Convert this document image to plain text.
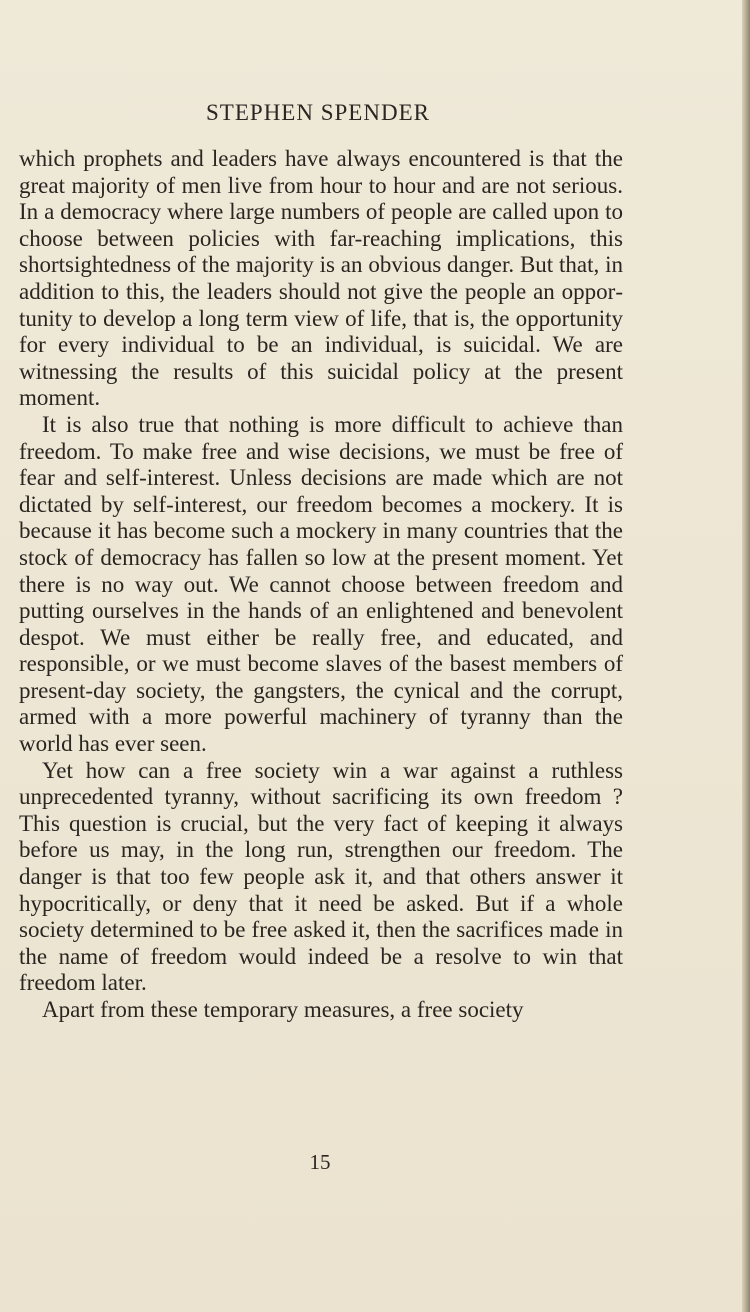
STEPHEN SPENDER

which prophets and leaders have always encountered is that the great majority of men live from hour to hour and are not serious. In a democracy where large numbers of people are called upon to choose between policies with far-reaching implications, this shortsightedness of the majority is an obvious danger. But that, in addition to this, the leaders should not give the people an opportunity to develop a long term view of life, that is, the opportunity for every individual to be an individual, is suicidal. We are witnessing the results of this suicidal policy at the present moment.

It is also true that nothing is more difficult to achieve than freedom. To make free and wise decisions, we must be free of fear and self-interest. Unless decisions are made which are not dictated by self-interest, our freedom becomes a mockery. It is because it has become such a mockery in many countries that the stock of democracy has fallen so low at the present moment. Yet there is no way out. We cannot choose between freedom and putting ourselves in the hands of an enlightened and benevolent despot. We must either be really free, and educated, and responsible, or we must become slaves of the basest members of present-day society, the gangsters, the cynical and the corrupt, armed with a more powerful machinery of tyranny than the world has ever seen.

Yet how can a free society win a war against a ruthless unprecedented tyranny, without sacrificing its own freedom ? This question is crucial, but the very fact of keeping it always before us may, in the long run, strengthen our freedom. The danger is that too few people ask it, and that others answer it hypocritically, or deny that it need be asked. But if a whole society determined to be free asked it, then the sacrifices made in the name of freedom would indeed be a resolve to win that freedom later.

Apart from these temporary measures, a free society

15
